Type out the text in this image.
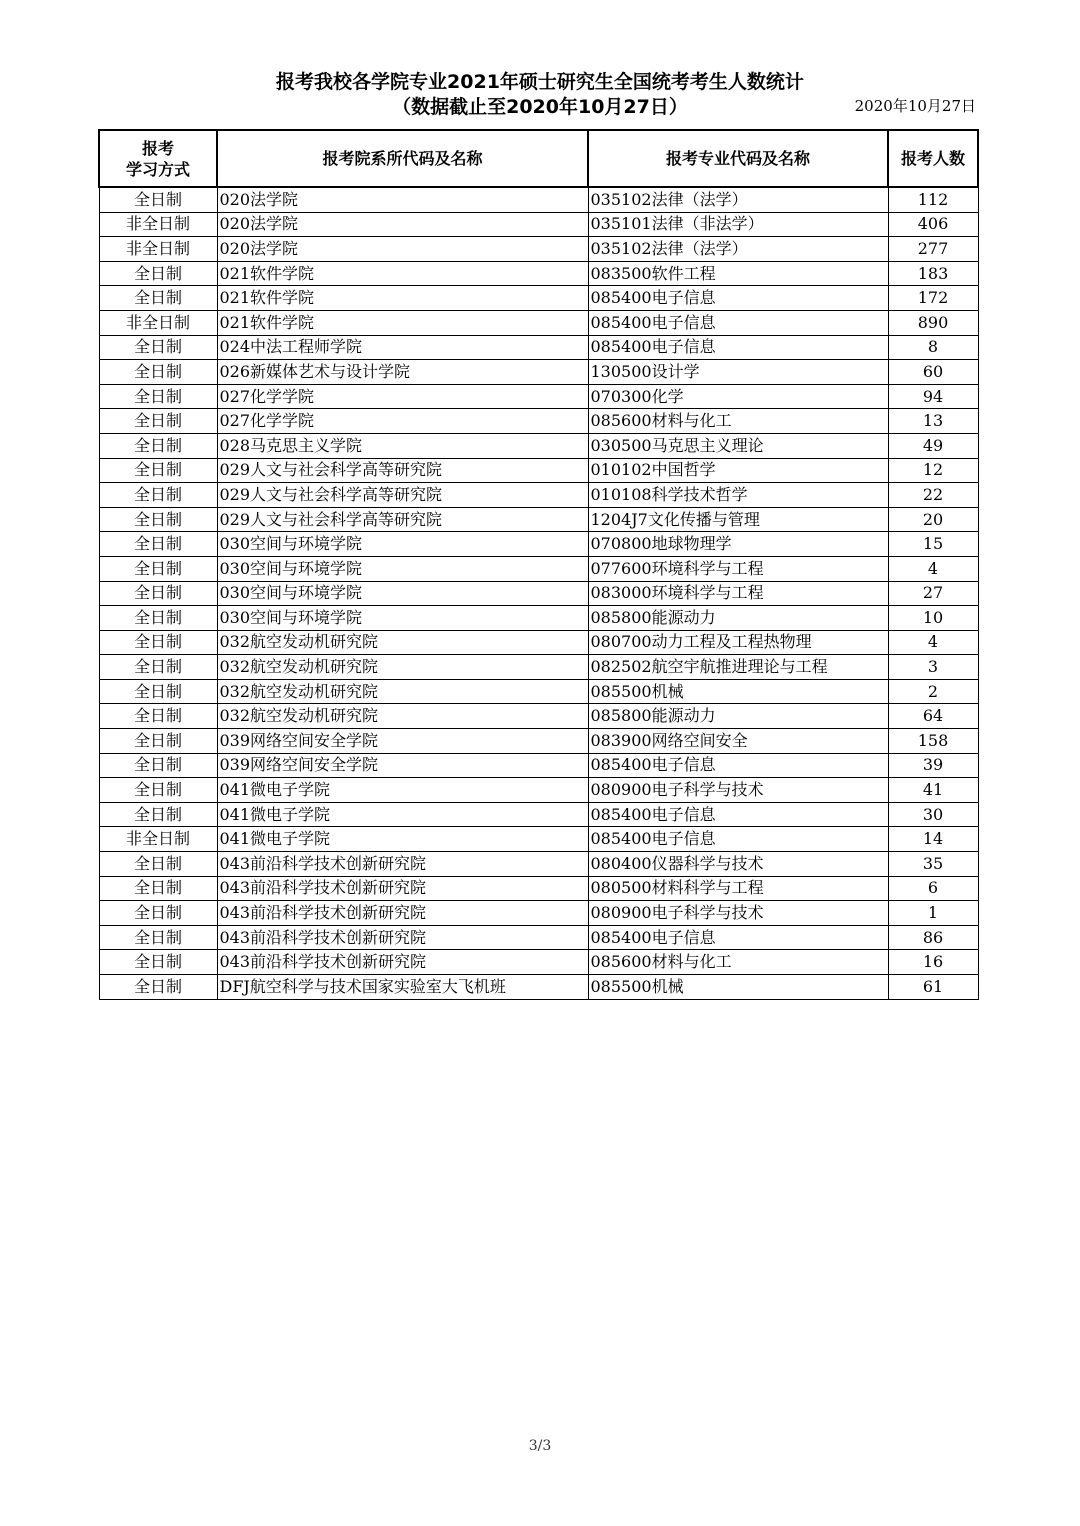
报考我校各学院专业2021年硕士研究生全国统考考生人数统计
（数据截止至2020年10月27日）	2020年10月27日
报考
学习方式	报考院系所代码及名称	报考专业代码及名称	报考人数
全日制	020法学院	035102法律（法学）	112
非全日制	020法学院	035101法律（非法学）	406
非全日制	020法学院	035102法律（法学）	277
全日制	021软件学院	083500软件工程	183
全日制	021软件学院	085400电子信息	172
非全日制	021软件学院	085400电子信息	890
全日制	024中法工程师学院	085400电子信息	8
全日制	026新媒体艺术与设计学院	130500设计学	60
全日制	027化学学院	070300化学	94
全日制	027化学学院	085600材料与化工	13
全日制	028马克思主义学院	030500马克思主义理论	49
全日制	029人文与社会科学高等研究院	010102中国哲学	12
全日制	029人文与社会科学高等研究院	010108科学技术哲学	22
全日制	029人文与社会科学高等研究院	1204J7文化传播与管理	20
全日制	030空间与环境学院	070800地球物理学	15
全日制	030空间与环境学院	077600环境科学与工程	4
全日制	030空间与环境学院	083000环境科学与工程	27
全日制	030空间与环境学院	085800能源动力	10
全日制	032航空发动机研究院	080700动力工程及工程热物理	4
全日制	032航空发动机研究院	082502航空宇航推进理论与工程	3
全日制	032航空发动机研究院	085500机械	2
全日制	032航空发动机研究院	085800能源动力	64
全日制	039网络空间安全学院	083900网络空间安全	158
全日制	039网络空间安全学院	085400电子信息	39
全日制	041微电子学院	080900电子科学与技术	41
全日制	041微电子学院	085400电子信息	30
非全日制	041微电子学院	085400电子信息	14
全日制	043前沿科学技术创新研究院	080400仪器科学与技术	35
全日制	043前沿科学技术创新研究院	080500材料科学与工程	6
全日制	043前沿科学技术创新研究院	080900电子科学与技术	1
全日制	043前沿科学技术创新研究院	085400电子信息	86
全日制	043前沿科学技术创新研究院	085600材料与化工	16
全日制	DFJ航空科学与技术国家实验室大飞机班	085500机械	61
3/3
